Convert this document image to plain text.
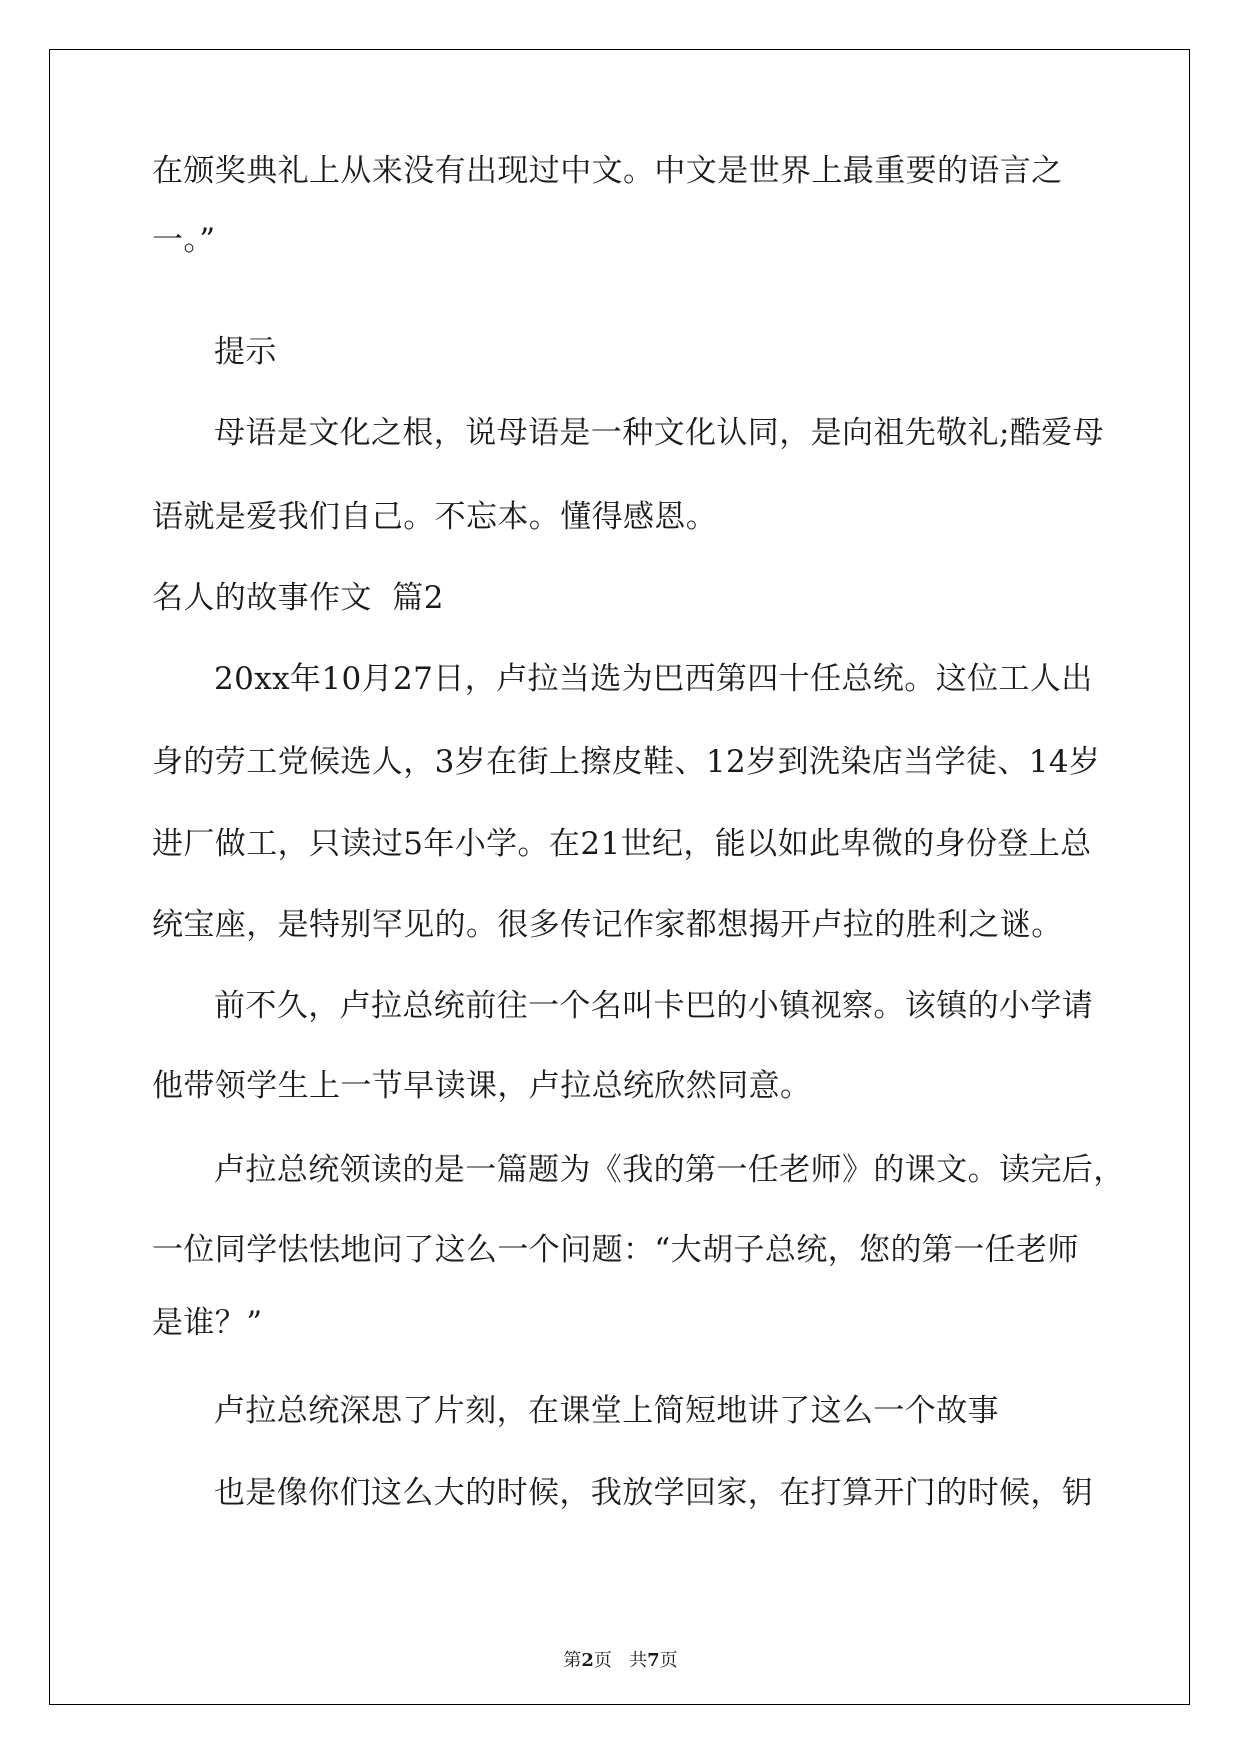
在颁奖典礼上从来没有出现过中文。中文是世界上最重要的语言之
一。”
提示
母语是文化之根，说母语是一种文化认同，是向祖先敬礼;酷爱母
语就是爱我们自己。不忘本。懂得感恩。
名人的故事作文  篇2
20xx年10月27日，卢拉当选为巴西第四十任总统。这位工人出
身的劳工党候选人，3岁在街上擦皮鞋、12岁到洗染店当学徒、14岁
进厂做工，只读过5年小学。在21世纪，能以如此卑微的身份登上总
统宝座，是特别罕见的。很多传记作家都想揭开卢拉的胜利之谜。
前不久，卢拉总统前往一个名叫卡巴的小镇视察。该镇的小学请
他带领学生上一节早读课，卢拉总统欣然同意。
卢拉总统领读的是一篇题为《我的第一任老师》的课文。读完后，
一位同学怯怯地问了这么一个问题：“大胡子总统，您的第一任老师
是谁？”
卢拉总统深思了片刻，在课堂上简短地讲了这么一个故事
也是像你们这么大的时候，我放学回家，在打算开门的时候，钥
第2页   共7页
